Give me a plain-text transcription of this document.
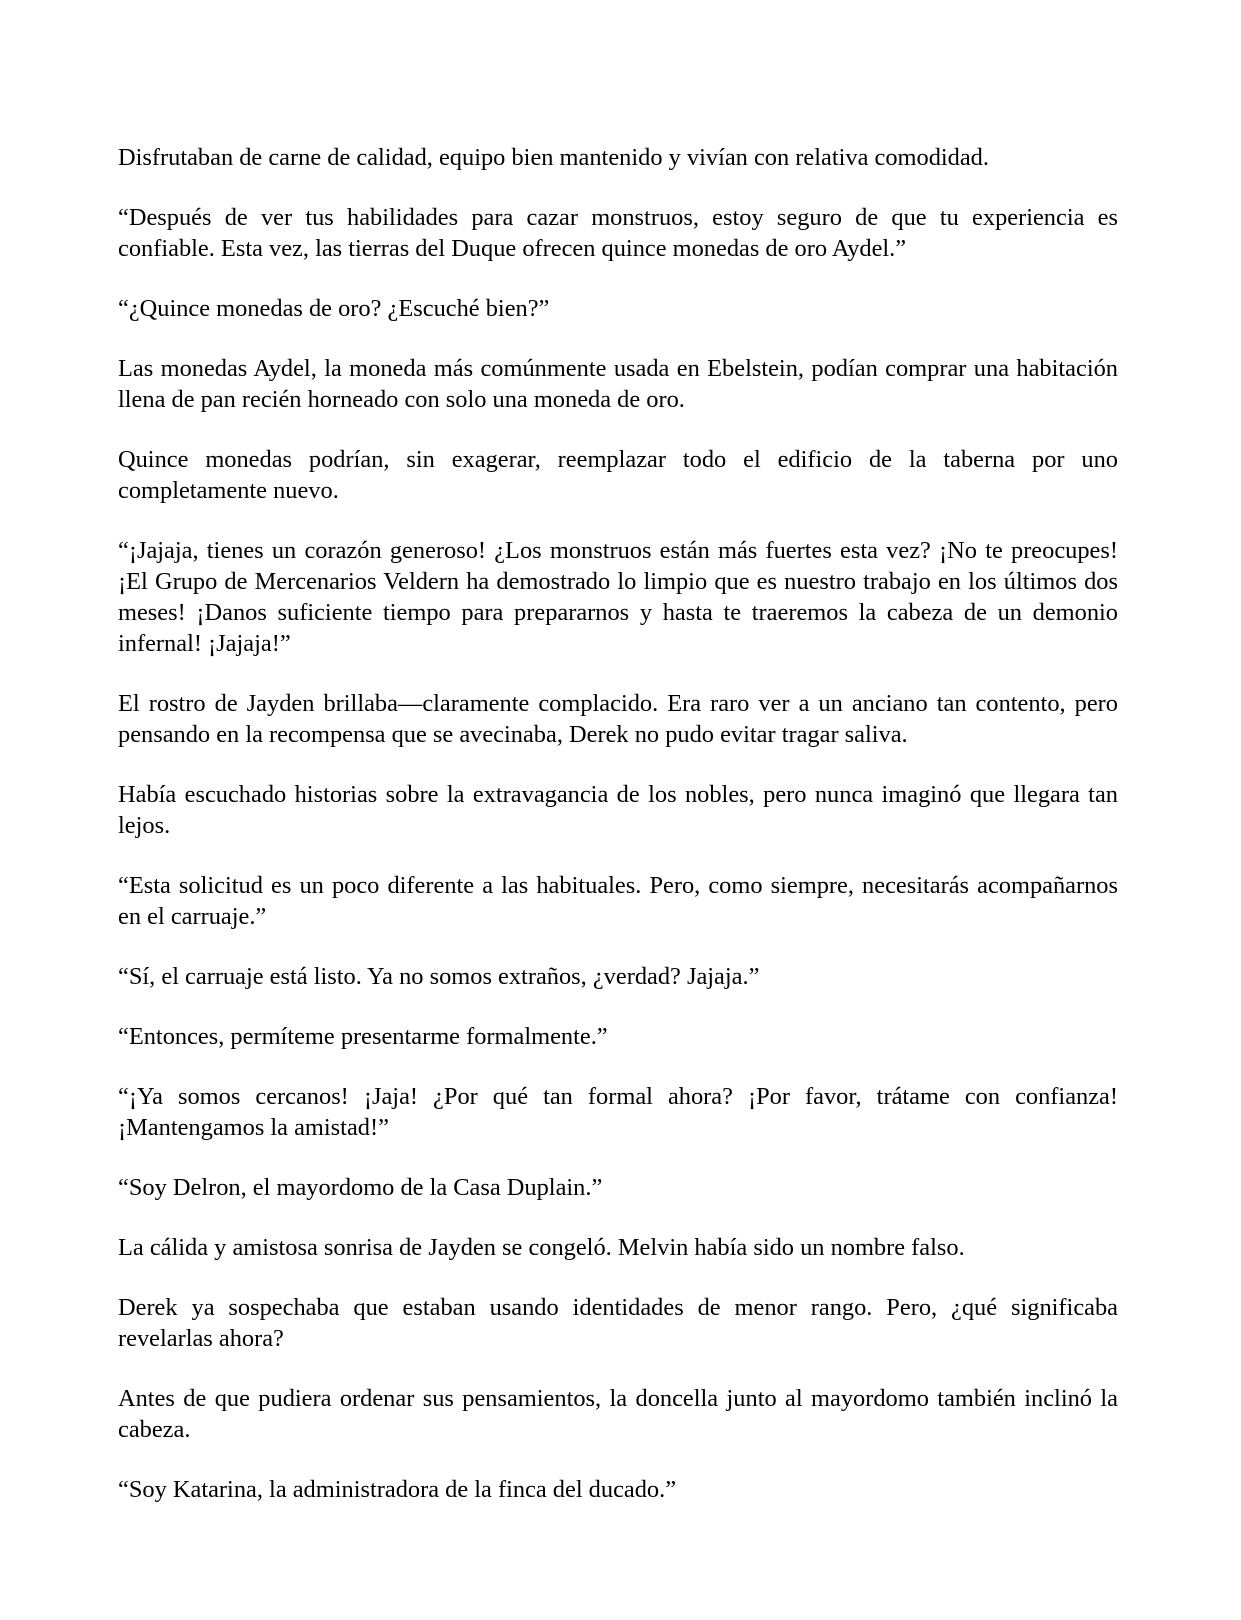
Disfrutaban de carne de calidad, equipo bien mantenido y vivían con relativa comodidad.

“Después de ver tus habilidades para cazar monstruos, estoy seguro de que tu experiencia es confiable. Esta vez, las tierras del Duque ofrecen quince monedas de oro Aydel.”

“¿Quince monedas de oro? ¿Escuché bien?”

Las monedas Aydel, la moneda más comúnmente usada en Ebelstein, podían comprar una habitación llena de pan recién horneado con solo una moneda de oro.

Quince monedas podrían, sin exagerar, reemplazar todo el edificio de la taberna por uno completamente nuevo.

“¡Jajaja, tienes un corazón generoso! ¿Los monstruos están más fuertes esta vez? ¡No te preocupes! ¡El Grupo de Mercenarios Veldern ha demostrado lo limpio que es nuestro trabajo en los últimos dos meses! ¡Danos suficiente tiempo para prepararnos y hasta te traeremos la cabeza de un demonio infernal! ¡Jajaja!”

El rostro de Jayden brillaba—claramente complacido. Era raro ver a un anciano tan contento, pero pensando en la recompensa que se avecinaba, Derek no pudo evitar tragar saliva.

Había escuchado historias sobre la extravagancia de los nobles, pero nunca imaginó que llegara tan lejos.

“Esta solicitud es un poco diferente a las habituales. Pero, como siempre, necesitarás acompañarnos en el carruaje.”

“Sí, el carruaje está listo. Ya no somos extraños, ¿verdad? Jajaja.”

“Entonces, permíteme presentarme formalmente.”

“¡Ya somos cercanos! ¡Jaja! ¿Por qué tan formal ahora? ¡Por favor, trátame con confianza! ¡Mantengamos la amistad!”

“Soy Delron, el mayordomo de la Casa Duplain.”

La cálida y amistosa sonrisa de Jayden se congeló. Melvin había sido un nombre falso.

Derek ya sospechaba que estaban usando identidades de menor rango. Pero, ¿qué significaba revelarlas ahora?

Antes de que pudiera ordenar sus pensamientos, la doncella junto al mayordomo también inclinó la cabeza.

“Soy Katarina, la administradora de la finca del ducado.”
